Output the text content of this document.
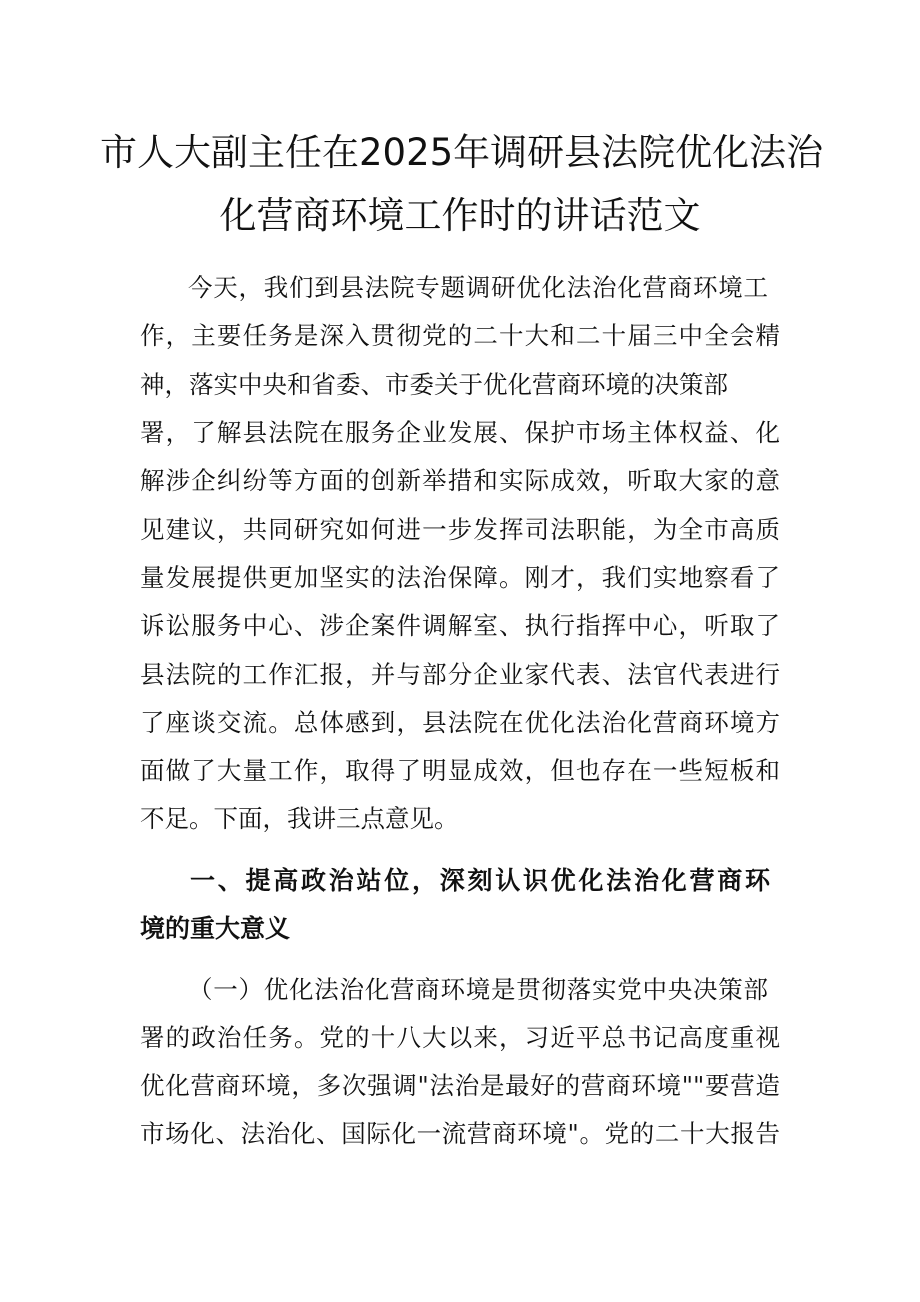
市人大副主任在2025年调研县法院优化法治
化营商环境工作时的讲话范文
今天，我们到县法院专题调研优化法治化营商环境工
作，主要任务是深入贯彻党的二十大和二十届三中全会精
神，落实中央和省委、市委关于优化营商环境的决策部
署，了解县法院在服务企业发展、保护市场主体权益、化
解涉企纠纷等方面的创新举措和实际成效，听取大家的意
见建议，共同研究如何进一步发挥司法职能，为全市高质
量发展提供更加坚实的法治保障。刚才，我们实地察看了
诉讼服务中心、涉企案件调解室、执行指挥中心，听取了
县法院的工作汇报，并与部分企业家代表、法官代表进行
了座谈交流。总体感到，县法院在优化法治化营商环境方
面做了大量工作，取得了明显成效，但也存在一些短板和
不足。下面，我讲三点意见。
一、提高政治站位，深刻认识优化法治化营商环
境的重大意义
（一）优化法治化营商环境是贯彻落实党中央决策部
署的政治任务。党的十八大以来，习近平总书记高度重视
优化营商环境，多次强调"法治是最好的营商环境""要营造
市场化、法治化、国际化一流营商环境"。党的二十大报告
